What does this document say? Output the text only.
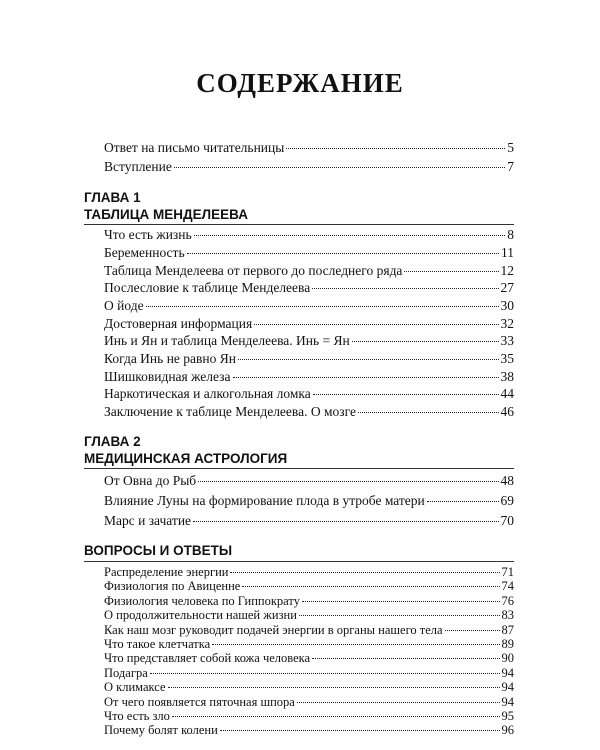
СОДЕРЖАНИЕ
Ответ на письмо читательницы	5
Вступление	7
ГЛАВА 1
ТАБЛИЦА МЕНДЕЛЕЕВА
Что есть жизнь	8
Беременность	11
Таблица Менделеева от первого до последнего ряда	12
Послесловие к таблице Менделеева	27
О йоде	30
Достоверная информация	32
Инь и Ян и таблица Менделеева. Инь = Ян	33
Когда Инь не равно Ян	35
Шишковидная железа	38
Наркотическая и алкогольная ломка	44
Заключение к таблице Менделеева. О мозге	46
ГЛАВА 2
МЕДИЦИНСКАЯ АСТРОЛОГИЯ
От Овна до Рыб	48
Влияние Луны на формирование плода в утробе матери	69
Марс и зачатие	70
ВОПРОСЫ И ОТВЕТЫ
Распределение энергии	71
Физиология по Авиценне	74
Физиология человека по Гиппократу	76
О продолжительности нашей жизни	83
Как наш мозг руководит подачей энергии в органы нашего тела	87
Что такое клетчатка	89
Что представляет собой кожа человека	90
Подагра	94
О климаксе	94
От чего появляется пяточная шпора	94
Что есть зло	95
Почему болят колени	96
